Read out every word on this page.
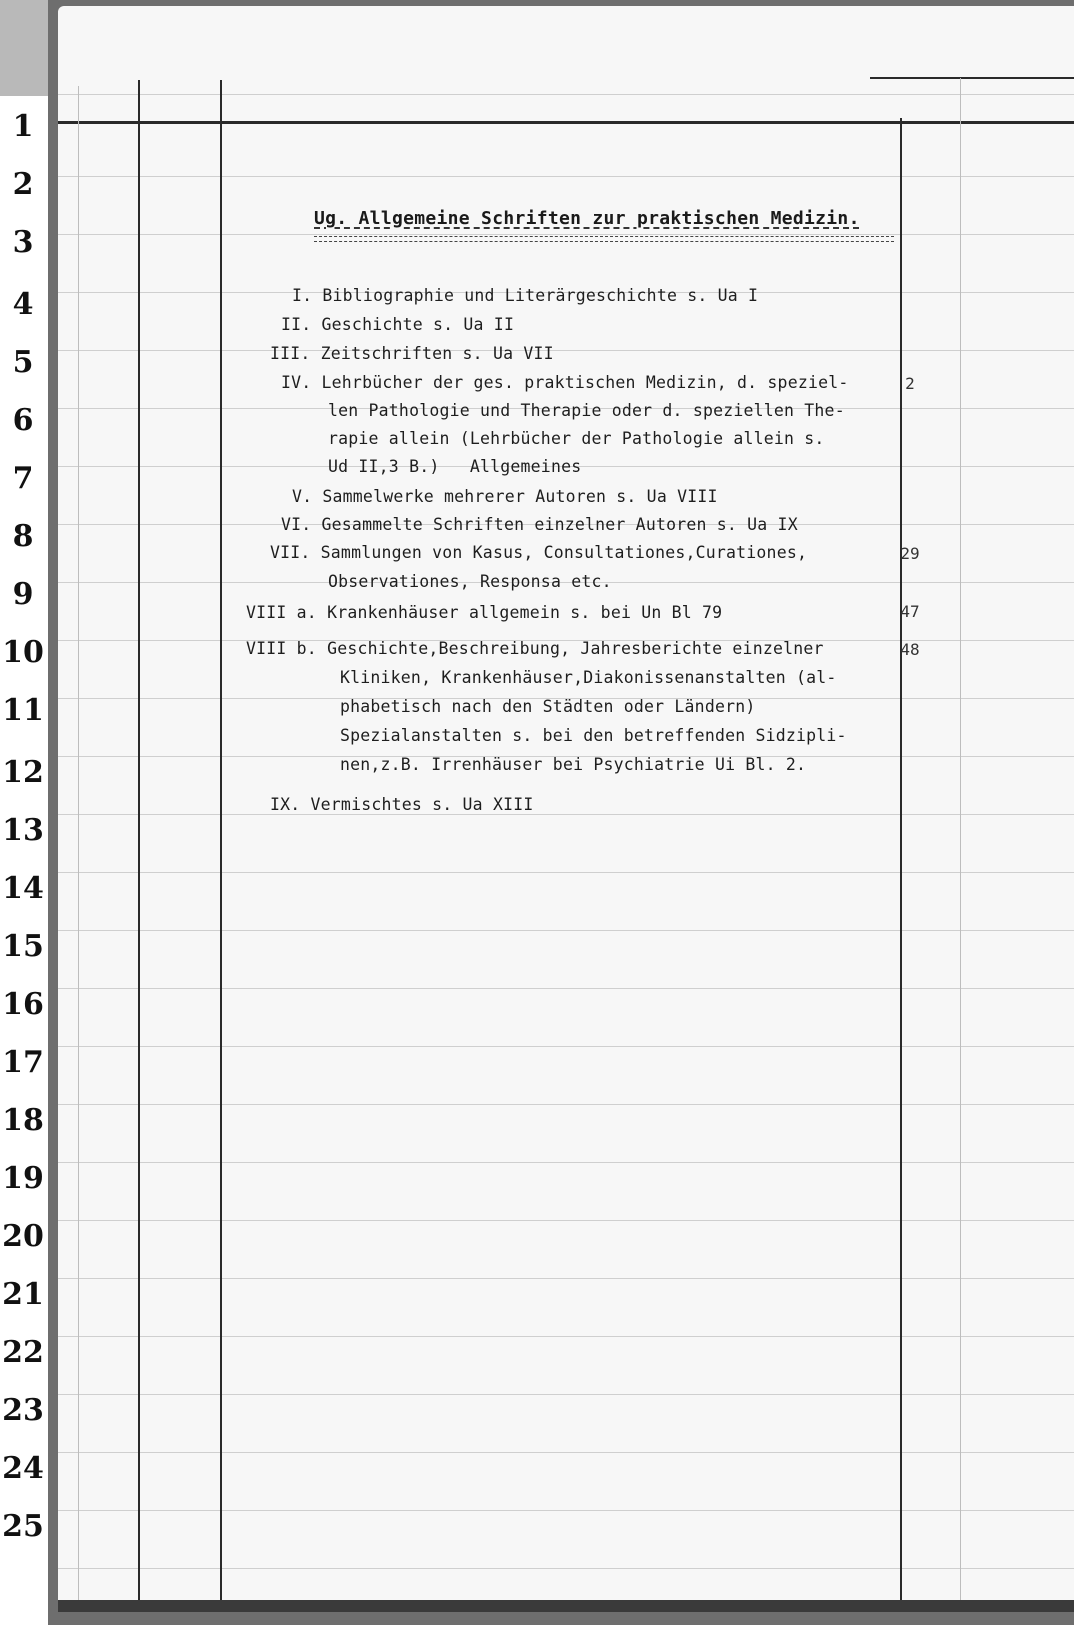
1
2
3
4
5
6
7
8
9
10
11
12
13
14
15
16
17
18
19
20
21
22
23
24
25
Ug. Allgemeine Schriften zur praktischen Medizin.
I. Bibliographie und Literärgeschichte s. Ua I
II. Geschichte s. Ua II
III. Zeitschriften s. Ua VII
IV. Lehrbücher der ges. praktischen Medizin, d. speziel-
len Pathologie und Therapie oder d. speziellen The-
rapie allein (Lehrbücher der Pathologie allein s.
Ud II,3 B.)   Allgemeines
V. Sammelwerke mehrerer Autoren s. Ua VIII
VI. Gesammelte Schriften einzelner Autoren s. Ua IX
VII. Sammlungen von Kasus, Consultationes,Curationes,
Observationes, Responsa etc.
VIII a. Krankenhäuser allgemein s. bei Un Bl 79
VIII b. Geschichte,Beschreibung, Jahresberichte einzelner
Kliniken, Krankenhäuser,Diakonissenanstalten (al-
phabetisch nach den Städten oder Ländern)
Spezialanstalten s. bei den betreffenden Sidzipli-
nen,z.B. Irrenhäuser bei Psychiatrie Ui Bl. 2.
IX. Vermischtes s. Ua XIII
2
29
47
48
